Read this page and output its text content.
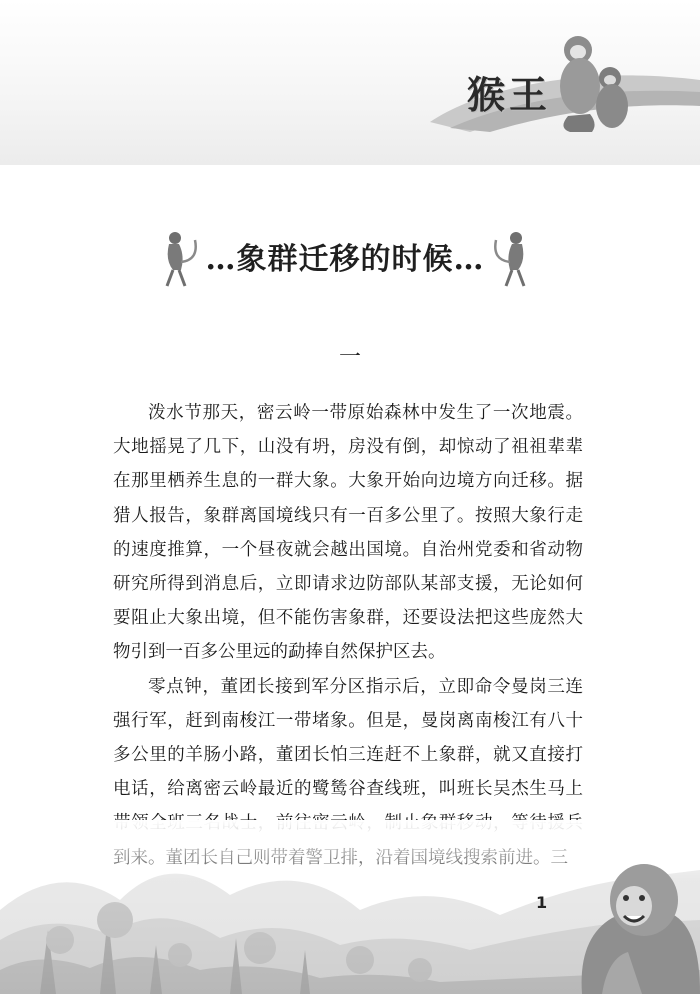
猴王
…象群迁移的时候…
一

泼水节那天，密云岭一带原始森林中发生了一次地震。大地摇晃了几下，山没有坍，房没有倒，却惊动了祖祖辈辈在那里栖养生息的一群大象。大象开始向边境方向迁移。据猎人报告，象群离国境线只有一百多公里了。按照大象行走的速度推算，一个昼夜就会越出国境。自治州党委和省动物研究所得到消息后，立即请求边防部队某部支援，无论如何要阻止大象出境，但不能伤害象群，还要设法把这些庞然大物引到一百多公里远的勐捧自然保护区去。

零点钟，董团长接到军分区指示后，立即命令曼岗三连强行军，赶到南梭江一带堵象。但是，曼岗离南梭江有八十多公里的羊肠小路，董团长怕三连赶不上象群，就又直接打电话，给离密云岭最近的鹭鸶谷查线班，叫班长吴杰生马上

1
